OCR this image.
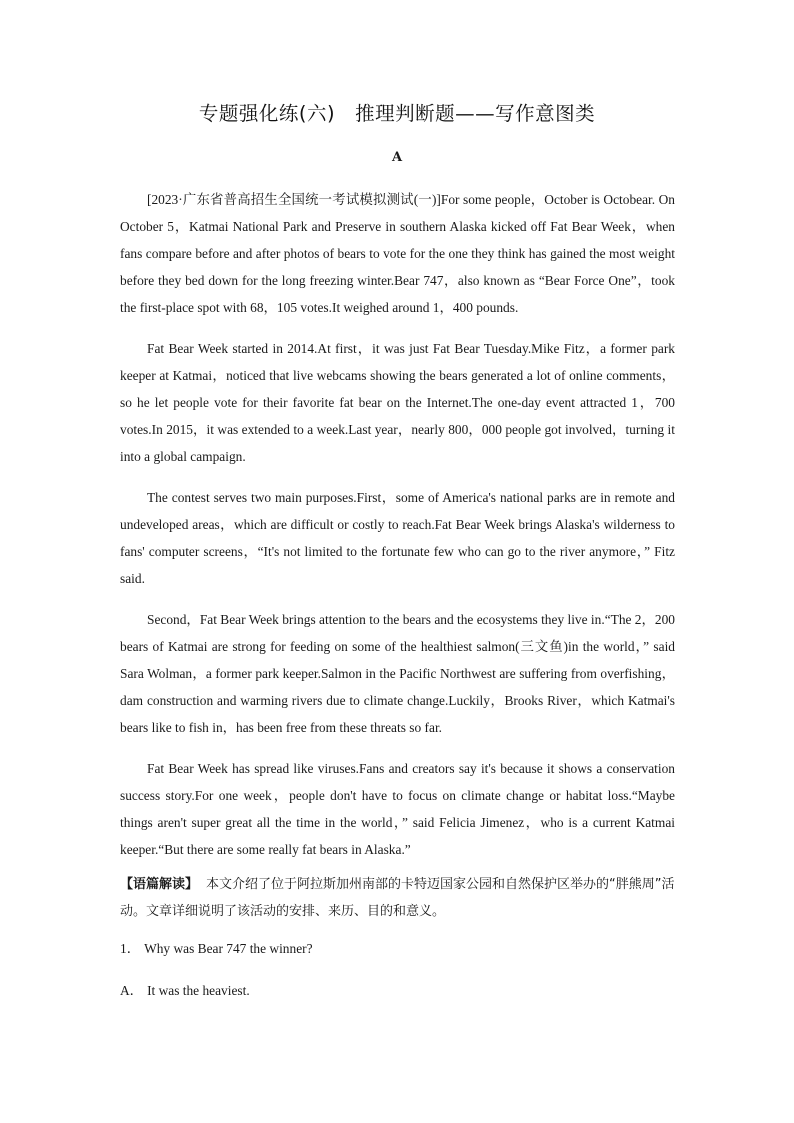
专题强化练(六)　推理判断题——写作意图类
A

[2023·广东省普高招生全国统一考试模拟测试(一)]For some people，October is Octobear. On October 5，Katmai National Park and Preserve in southern Alaska kicked off Fat Bear Week，when fans compare before and after photos of bears to vote for the one they think has gained the most weight before they bed down for the long freezing winter.Bear 747，also known as “Bear Force One”，took the first-place spot with 68，105 votes.It weighed around 1，400 pounds.

Fat Bear Week started in 2014.At first，it was just Fat Bear Tuesday.Mike Fitz，a former park keeper at Katmai，noticed that live webcams showing the bears generated a lot of online comments，so he let people vote for their favorite fat bear on the Internet.The one-day event attracted 1，700 votes.In 2015，it was extended to a week.Last year，nearly 800，000 people got involved，turning it into a global campaign.

The contest serves two main purposes.First，some of America's national parks are in remote and undeveloped areas，which are difficult or costly to reach.Fat Bear Week brings Alaska's wilderness to fans' computer screens，“It's not limited to the fortunate few who can go to the river anymore，” Fitz said.

Second，Fat Bear Week brings attention to the bears and the ecosystems they live in.“The 2，200 bears of Katmai are strong for feeding on some of the healthiest salmon(三文鱼)in the world，” said Sara Wolman，a former park keeper.Salmon in the Pacific Northwest are suffering from overfishing，dam construction and warming rivers due to climate change.Luckily，Brooks River，which Katmai's bears like to fish in，has been free from these threats so far.

Fat Bear Week has spread like viruses.Fans and creators say it's because it shows a conservation success story.For one week，people don't have to focus on climate change or habitat loss.“Maybe things aren't super great all the time in the world，” said Felicia Jimenez，who is a current Katmai keeper.“But there are some really fat bears in Alaska.”

【语篇解读】 本文介绍了位于阿拉斯加州南部的卡特迈国家公园和自然保护区举办的“胖熊周”活动。文章详细说明了该活动的安排、来历、目的和意义。

1． Why was Bear 747 the winner?

A． It was the heaviest.
